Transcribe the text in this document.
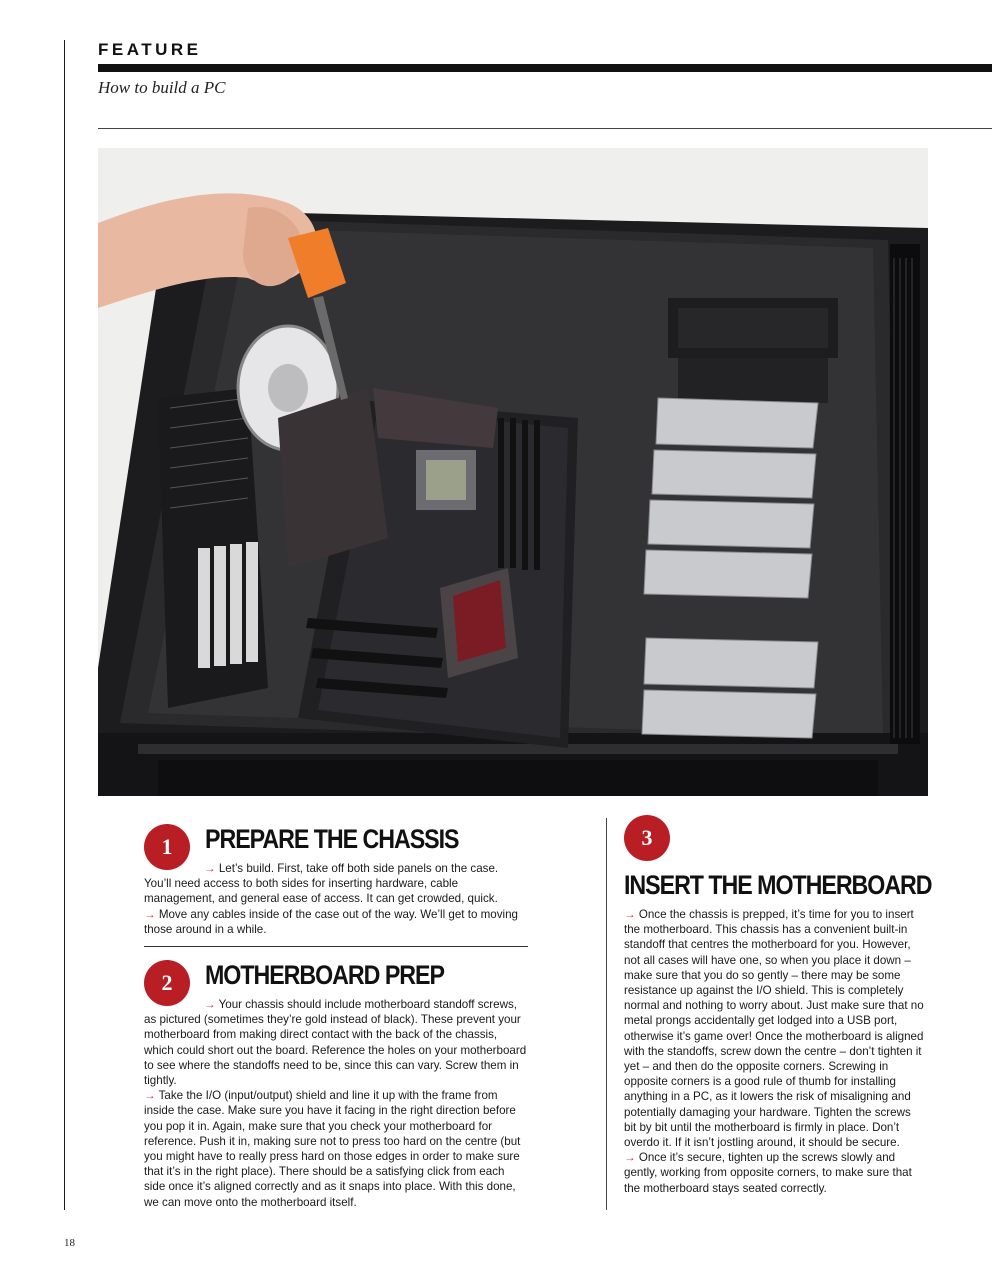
FEATURE
How to build a PC
1	PREPARE THE CHASSIS

→ Let’s build. First, take off both side panels on the case. You’ll need access to both sides for inserting hardware, cable management, and general ease of access. It can get crowded, quick.

→ Move any cables inside of the case out of the way. We’ll get to moving those around in a while.

2	MOTHERBOARD PREP

→ Your chassis should include motherboard standoff screws, as pictured (sometimes they’re gold instead of black). These prevent your motherboard from making direct contact with the back of the chassis, which could short out the board. Reference the holes on your motherboard to see where the standoffs need to be, since this can vary. Screw them in tightly.

→ Take the I/O (input/output) shield and line it up with the frame from inside the case. Make sure you have it facing in the right direction before you pop it in. Again, make sure that you check your motherboard for reference. Push it in, making sure not to press too hard on the centre (but you might have to really press hard on those edges in order to make sure that it’s in the right place). There should be a satisfying click from each side once it’s aligned correctly and as it snaps into place. With this done, we can move onto the motherboard itself.

3
INSERT THE MOTHERBOARD

→ Once the chassis is prepped, it’s time for you to insert the motherboard. This chassis has a convenient built-in standoff that centres the motherboard for you. However, not all cases will have one, so when you place it down – make sure that you do so gently – there may be some resistance up against the I/O shield. This is completely normal and nothing to worry about. Just make sure that no metal prongs accidentally get lodged into a USB port, otherwise it’s game over! Once the motherboard is aligned with the standoffs, screw down the centre – don’t tighten it yet – and then do the opposite corners. Screwing in opposite corners is a good rule of thumb for installing anything in a PC, as it lowers the risk of misaligning and potentially damaging your hardware. Tighten the screws bit by bit until the motherboard is firmly in place. Don’t overdo it. If it isn’t jostling around, it should be secure.

→ Once it’s secure, tighten up the screws slowly and gently, working from opposite corners, to make sure that the motherboard stays seated correctly.

18
